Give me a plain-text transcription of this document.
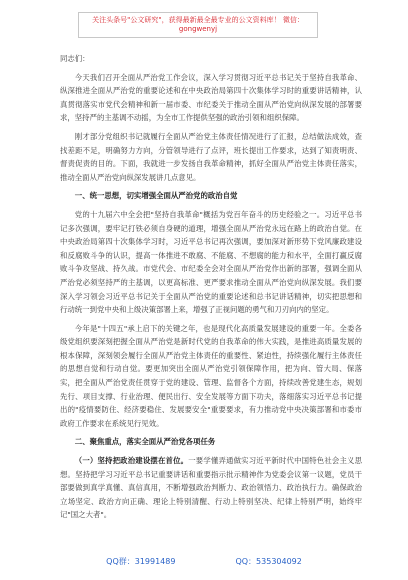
关注头条号"公文研究"，获得最新最全最专业的公文资料库！ 微信：gongwenyj
同志们：
今天我们召开全面从严治党工作会议，深入学习贯彻习近平总书记关于坚持自我革命、纵深推进全面从严治党的重要论述和在中央政治局第四十次集体学习时的重要讲话精神，认真贯彻落实市党代会精神和新一届市委、市纪委关于推动全面从严治党向纵深发展的部署要求，坚持严的主基调不动摇，为全市工作提供坚强的政治引领和组织保障。
刚才部分党组织书记就履行全面从严治党主体责任情况进行了汇报，总结做法成效，查找差距不足，明确努力方向，分管领导进行了点评，班长提出工作要求，达到了知责明责、督责促责的目的。下面，我就进一步发扬自我革命精神，抓好全面从严治党主体责任落实，推动全面从严治党向纵深发展讲几点意见。
一、统一思想，切实增强全面从严治党的政治自觉
党的十九届六中全会把"坚持自我革命"概括为党百年奋斗的历史经验之一。习近平总书记多次强调，要牢记打铁必须自身硬的道理，增强全面从严治党永远在路上的政治自觉。在中央政治局第四十次集体学习时，习近平总书记再次强调，要加深对新形势下党风廉政建设和反腐败斗争的认识，提高一体推进不敢腐、不能腐、不想腐的能力和水平，全面打赢反腐败斗争攻坚战、持久战。市党代会、市纪委全会对全面从严治党作出新的部署，强调全面从严治党必须坚持严的主基调，以更高标准、更严要求推动全面从严治党向纵深发展。我们要深入学习领会习近平总书记关于全面从严治党的重要论述和总书记讲话精神，切实把思想和行动统一到党中央和上级决策部署上来，增强了正视问题的勇气和刀刃向内的坚定。
今年是"十四五"承上启下的关键之年，也是现代化高质量发展建设的重要一年。全委各级党组织要深刻把握全面从严治党是新时代党的自我革命的伟大实践，是推进高质量发展的根本保障，深刻领会履行全面从严治党主体责任的重要性、紧迫性，持续强化履行主体责任的思想自觉和行动自觉。要更加突出全面从严治党引领保障作用，把为向、管大局、保落实，把全面从严治党责任贯穿于党的建设、管理、监督各个方面，持续改善党建生态，规划先行、项目支撑、行业治理、便民出行、安全发展等方面下功夫，落细落实习近平总书记提出的"疫情要防住、经济要稳住、发展要安全"重要要求，有力推动党中央决策部署和市委市政府工作要求在系统见行见效。
二、聚焦重点，落实全面从严治党各项任务
（一）坚持把政治建设摆在首位。一要学懂弄通做实习近平新时代中国特色社会主义思想。坚持把学习习近平总书记重要讲话和重要指示批示精神作为党委会议第一议题，党员干部要做到真学真懂、真信真用，不断增强政治判断力、政治领悟力、政治执行力。确保政治立场坚定、政治方向正确、理论上特别清醒、行动上特别坚决、纪律上特别严明，始终牢记"国之大者"。
QQ群：31991489	QQ：535304092
